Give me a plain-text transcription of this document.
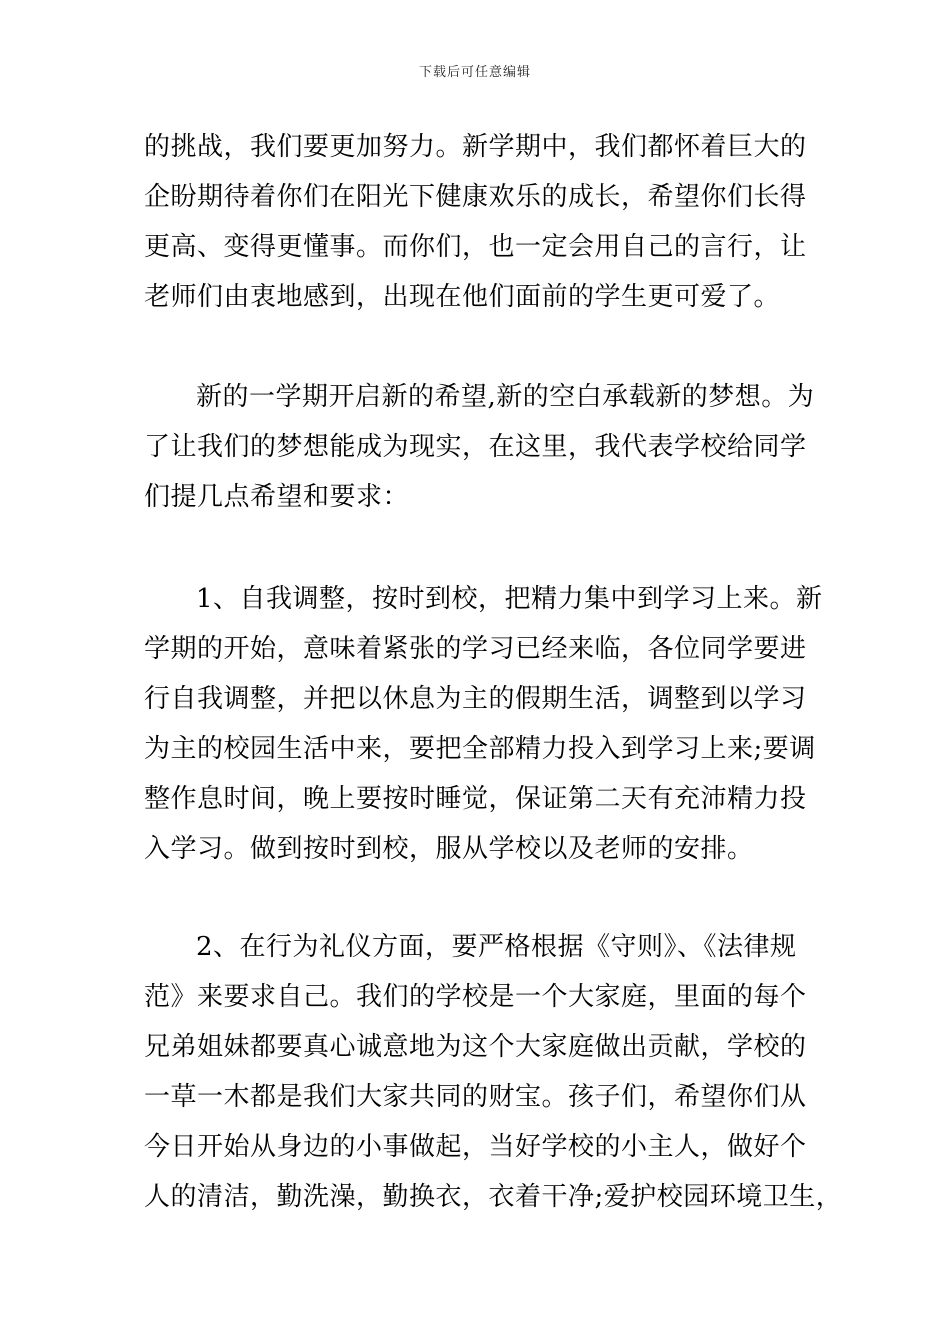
下载后可任意编辑
的挑战，我们要更加努力。新学期中，我们都怀着巨大的
企盼期待着你们在阳光下健康欢乐的成长，希望你们长得
更高、变得更懂事。而你们，也一定会用自己的言行，让
老师们由衷地感到，出现在他们面前的学生更可爱了。
新的一学期开启新的希望,新的空白承载新的梦想。为
了让我们的梦想能成为现实，在这里，我代表学校给同学
们提几点希望和要求：
1、自我调整，按时到校，把精力集中到学习上来。新
学期的开始，意味着紧张的学习已经来临，各位同学要进
行自我调整，并把以休息为主的假期生活，调整到以学习
为主的校园生活中来，要把全部精力投入到学习上来;要调
整作息时间，晚上要按时睡觉，保证第二天有充沛精力投
入学习。做到按时到校，服从学校以及老师的安排。
2、在行为礼仪方面，要严格根据《守则》、《法律规
范》来要求自己。我们的学校是一个大家庭，里面的每个
兄弟姐妹都要真心诚意地为这个大家庭做出贡献，学校的
一草一木都是我们大家共同的财宝。孩子们，希望你们从
今日开始从身边的小事做起，当好学校的小主人，做好个
人的清洁，勤洗澡，勤换衣，衣着干净;爱护校园环境卫生，
